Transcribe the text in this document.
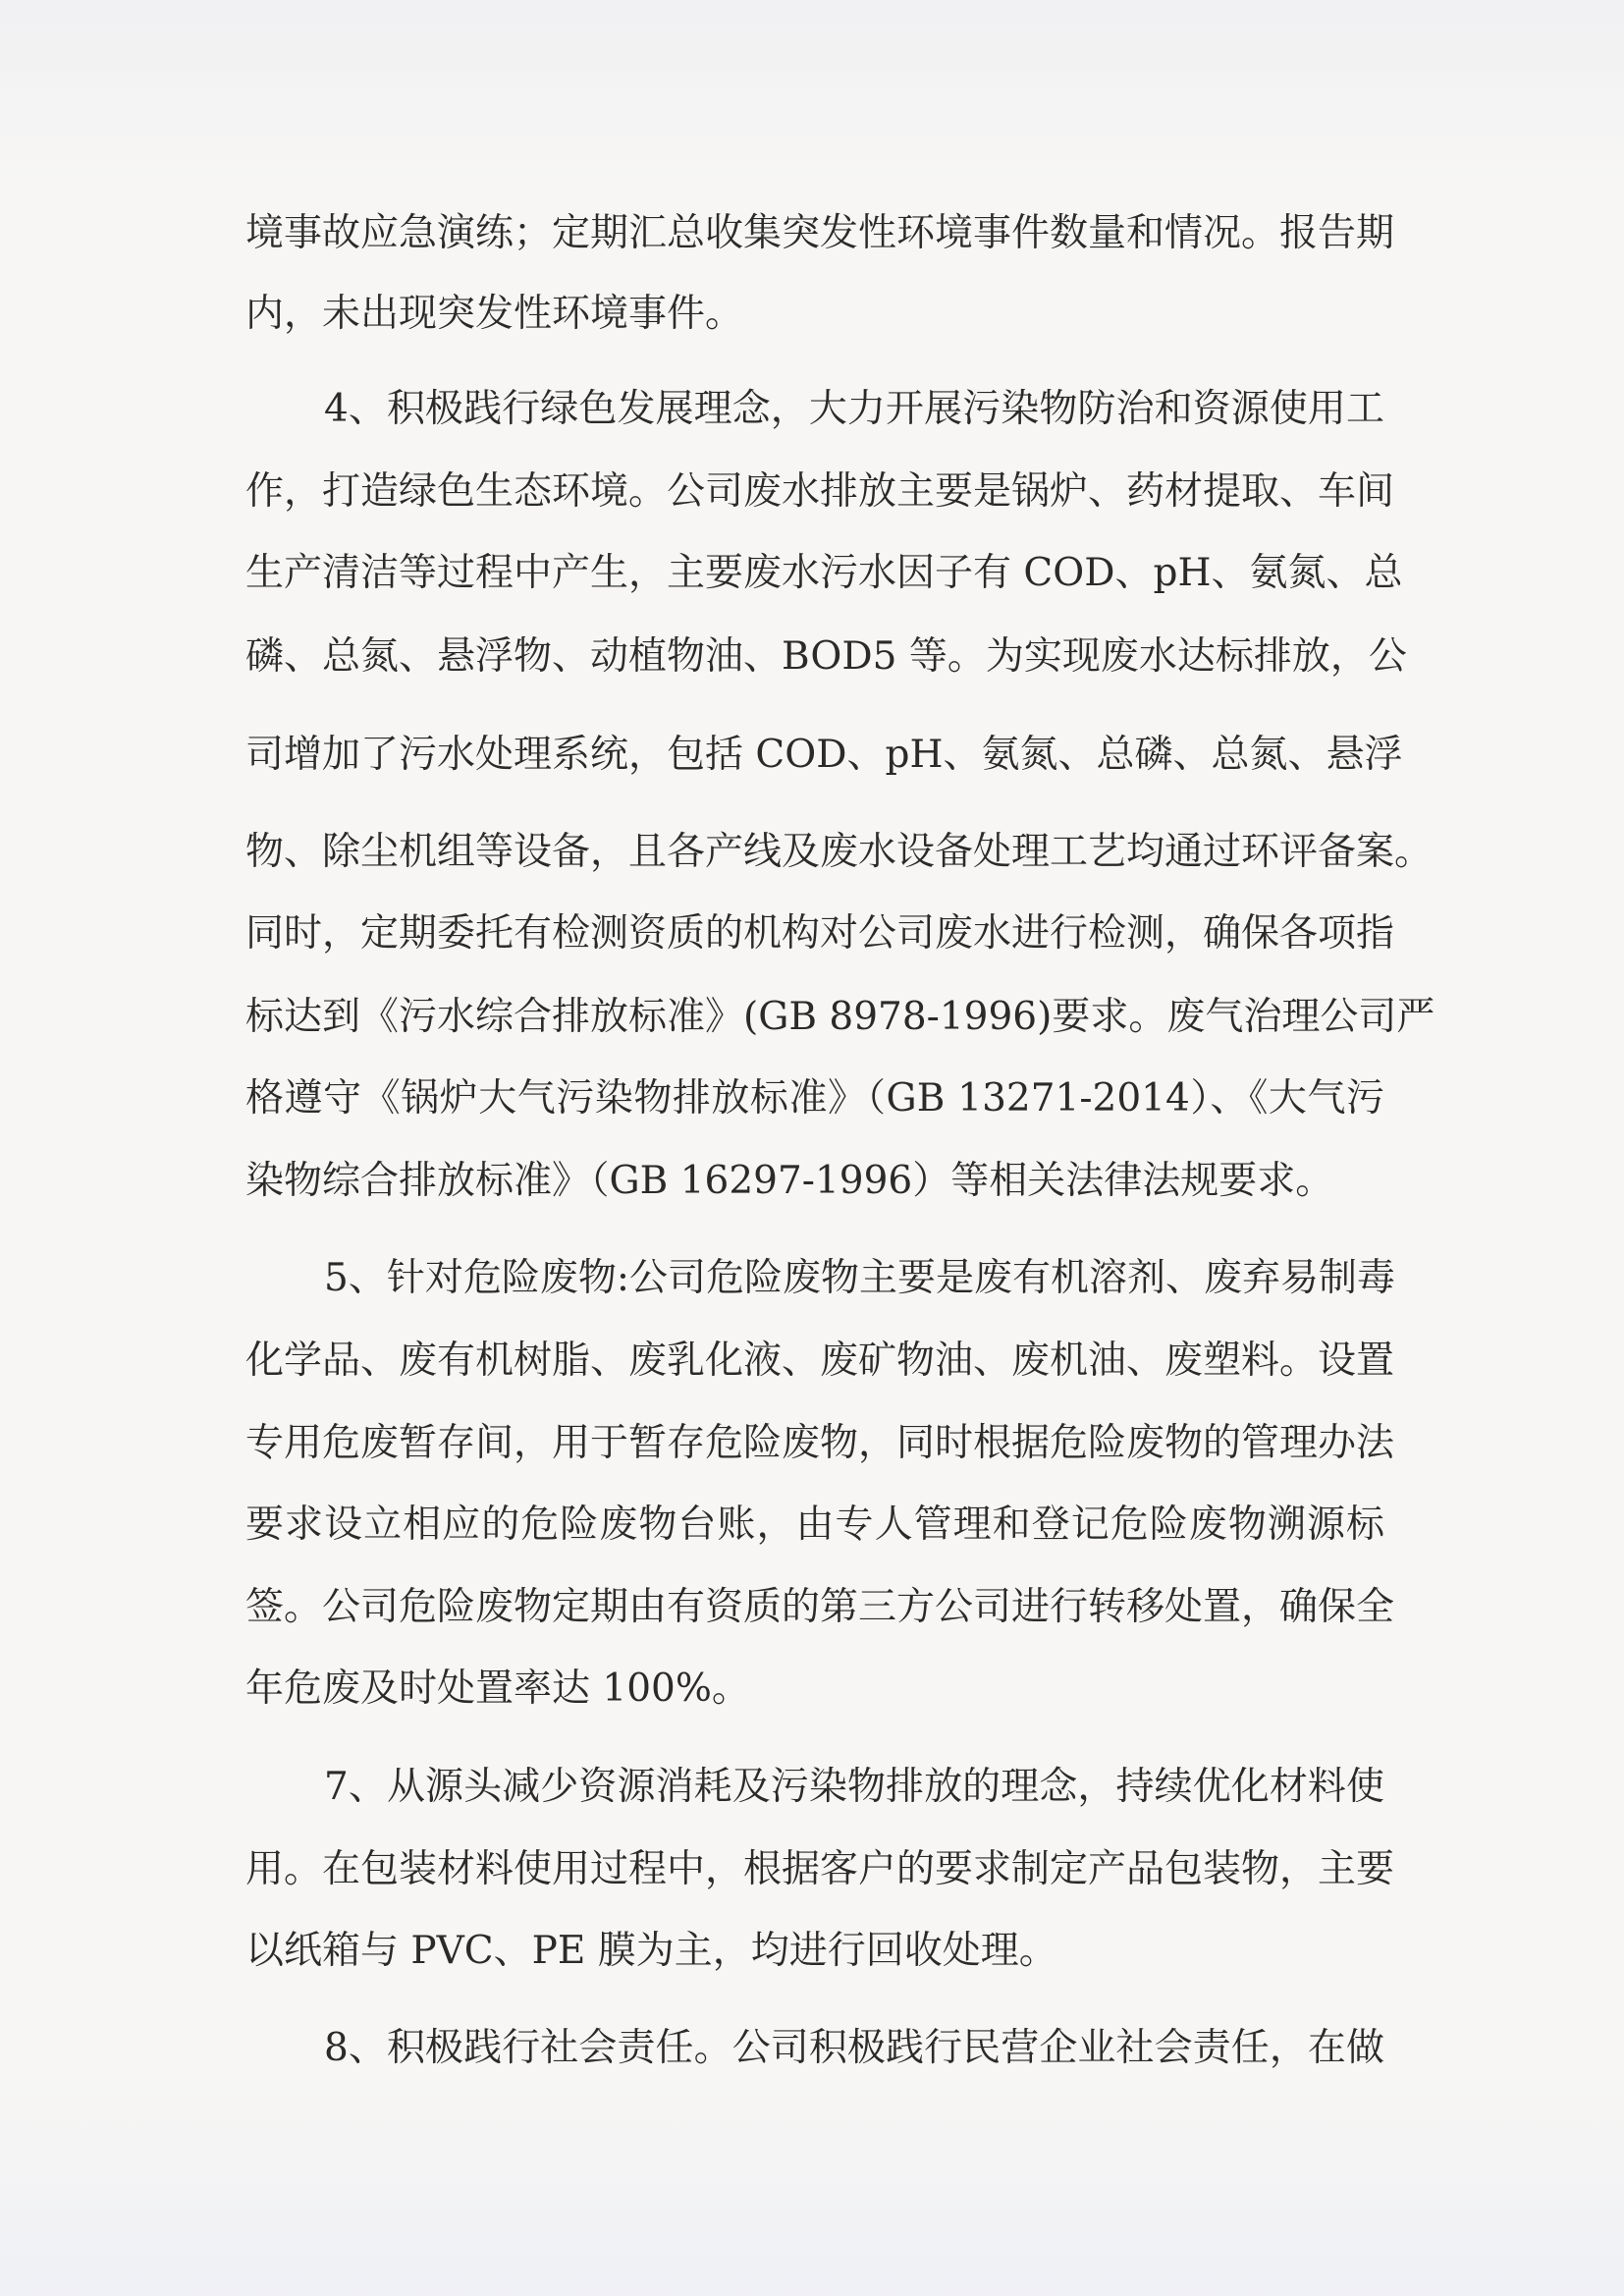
境事故应急演练；定期汇总收集突发性环境事件数量和情况。报告期
内，未出现突发性环境事件。
4、积极践行绿色发展理念，大力开展污染物防治和资源使用工
作，打造绿色生态环境。公司废水排放主要是锅炉、药材提取、车间
生产清洁等过程中产生，主要废水污水因子有 COD、pH、氨氮、总
磷、总氮、悬浮物、动植物油、BOD5 等。为实现废水达标排放，公
司增加了污水处理系统，包括 COD、pH、氨氮、总磷、总氮、悬浮
物、除尘机组等设备，且各产线及废水设备处理工艺均通过环评备案。
同时，定期委托有检测资质的机构对公司废水进行检测，确保各项指
标达到《污水综合排放标准》(GB 8978-1996)要求。废气治理公司严
格遵守《锅炉大气污染物排放标准》（GB 13271-2014）、《大气污
染物综合排放标准》（GB 16297-1996）等相关法律法规要求。
5、针对危险废物:公司危险废物主要是废有机溶剂、废弃易制毒
化学品、废有机树脂、废乳化液、废矿物油、废机油、废塑料。设置
专用危废暂存间，用于暂存危险废物，同时根据危险废物的管理办法
要求设立相应的危险废物台账，由专人管理和登记危险废物溯源标
签。公司危险废物定期由有资质的第三方公司进行转移处置，确保全
年危废及时处置率达 100%。
7、从源头减少资源消耗及污染物排放的理念，持续优化材料使
用。在包装材料使用过程中，根据客户的要求制定产品包装物，主要
以纸箱与 PVC、PE 膜为主，均进行回收处理。
8、积极践行社会责任。公司积极践行民营企业社会责任，在做
